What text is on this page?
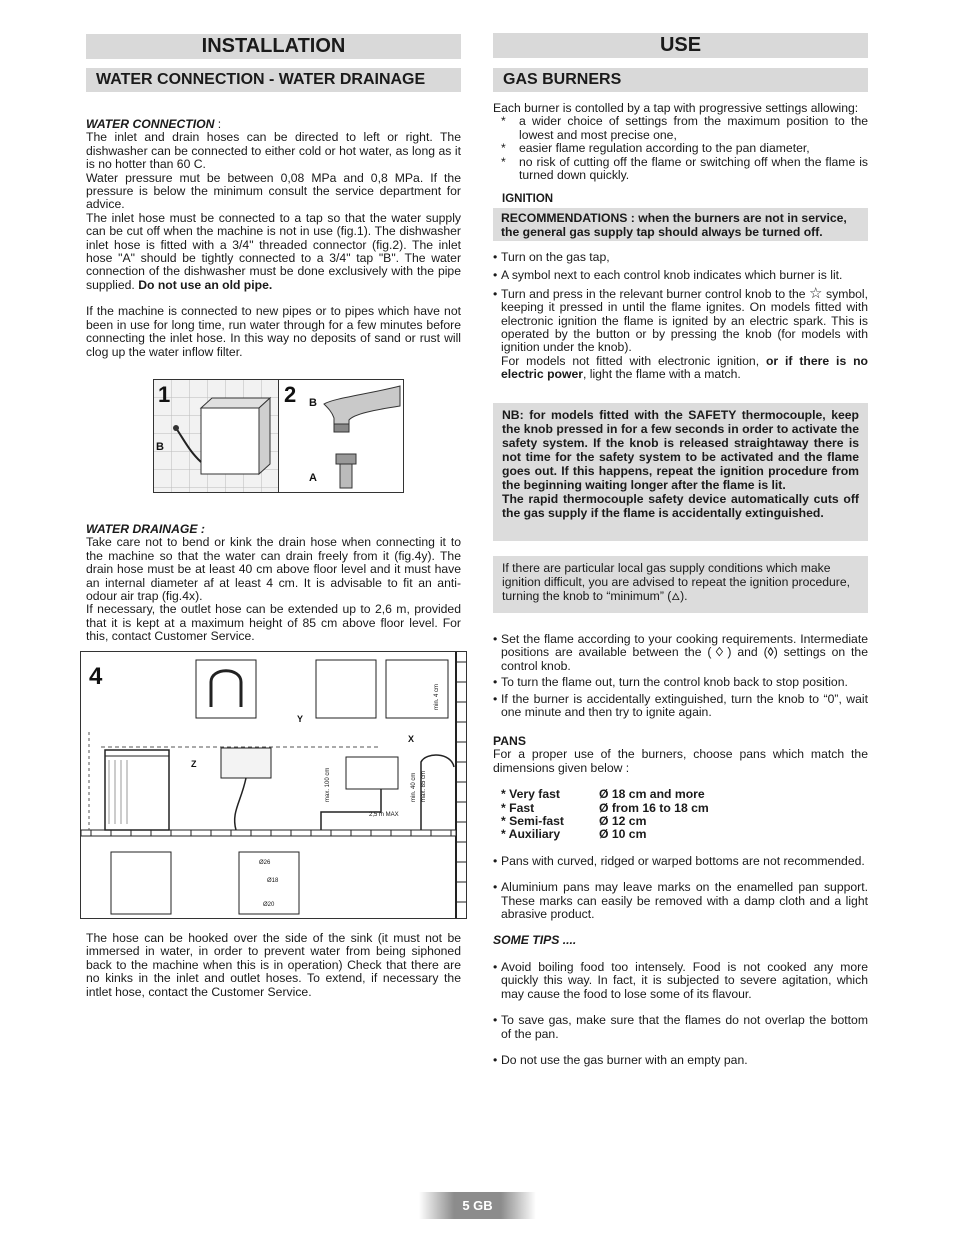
INSTALLATION
WATER CONNECTION - WATER DRAINAGE

WATER CONNECTION :

The inlet and drain hoses can be directed to left or right. The dishwasher can be connected to either cold or hot water, as long as it is no hotter than 60 C.

Water pressure mut be between 0,08 MPa and 0,8 MPa. If the pressure is below the minimum consult the service department for advice.

The inlet hose must be connected to a tap so that the water supply can be cut off when the machine is not in use (fig.1). The dishwasher inlet hose is fitted with a 3/4" threaded connector (fig.2). The inlet hose "A" should be tightly connected to a 3/4" tap "B". The water connection of the dishwasher must be done exclusively with the pipe supplied. Do not use an old pipe.

If the machine is connected to new pipes or to pipes which have not been in use for long time, run water through for a few minutes before connecting the inlet hose. In this way no deposits of sand or rust will clog up the water inflow filter.

1	2
B
B
A

WATER DRAINAGE :

Take care not to bend or kink the drain hose when connecting it to the machine so that the water can drain freely from it (fig.4y). The drain hose must be at least 40 cm above floor level and it must have an internal diameter af at least 4 cm. It is advisable to fit an anti-odour air trap (fig.4x).

If necessary, the outlet hose can be extended up to 2,6 m, provided that it is kept at a maximum height of 85 cm above floor level. For this, contact Customer Service.

4
Y
X
Z
2,5 m MAX
max. 100 cm	min. 40 cm max. 85 cm
min. 4 cm
Ø26
Ø18
Ø20
The hose can be hooked over the side of the sink (it must not be immersed in water, in order to prevent water from being siphoned back to the machine when this is in operation) Check that there are no kinks in the inlet and outlet hoses. To extend, if necessary the intlet hose, contact the Customer Service.
USE
GAS BURNERS

Each burner is contolled by a tap with progressive settings allowing:

* a wider choice of settings from the maximum position to the lowest and most precise one,

* easier flame regulation according to the pan diameter,

* no risk of cutting off the flame or switching off when the flame is turned down quickly.

IGNITION
RECOMMENDATIONS : when the burners are not in service, the general gas supply tap should always be turned off.

• Turn on the gas tap,

• A symbol next to each control knob indicates which burner is lit.

• Turn and press in the relevant burner control knob to the ☆ symbol, keeping it pressed in until the flame ignites. On models fitted with electronic ignition the flame is ignited by an electric spark. This is operated by the button or by pressing the knob (for models with ignition under the knob).

For models not fitted with electronic ignition, or if there is no electric power, light the flame with a match.

NB: for models fitted with the SAFETY thermocouple, keep the knob pressed in for a few seconds in order to activate the safety system. If the knob is released straightaway there is not time for the safety system to be activated and the flame goes out. If this happens, repeat the ignition procedure from the beginning waiting longer after the flame is lit.

The rapid thermocouple safety device automatically cuts off the gas supply if the flame is accidentally extinguished.

If there are particular local gas supply conditions which make ignition difficult, you are advised to repeat the ignition procedure, turning the knob to “minimum” (🜂).

• Set the flame according to your cooking requirements. Intermediate positions are available between the (♢) and (◊) settings on the control knob.

• To turn the flame out, turn the control knob back to stop position.

• If the burner is accidentally extinguished, turn the knob to “0”, wait one minute and then try to ignite again.

PANS

For a proper use of the burners, choose pans which match the dimensions given below :

* Very fast	Ø 18 cm and more
* Fast	Ø from 16 to 18 cm
* Semi-fast	Ø 12 cm
* Auxiliary	Ø 10 cm

• Pans with curved, ridged or warped bottoms are not recommended.

• Aluminium pans may leave marks on the enamelled pan support. These marks can easily be removed with a damp cloth and a light abrasive product.

SOME TIPS ....

• Avoid boiling food too intensely. Food is not cooked any more quickly this way. In fact, it is subjected to severe agitation, which may cause the food to lose some of its flavour.

• To save gas, make sure that the flames do not overlap the bottom of the pan.

• Do not use the gas burner with an empty pan.

5 GB
